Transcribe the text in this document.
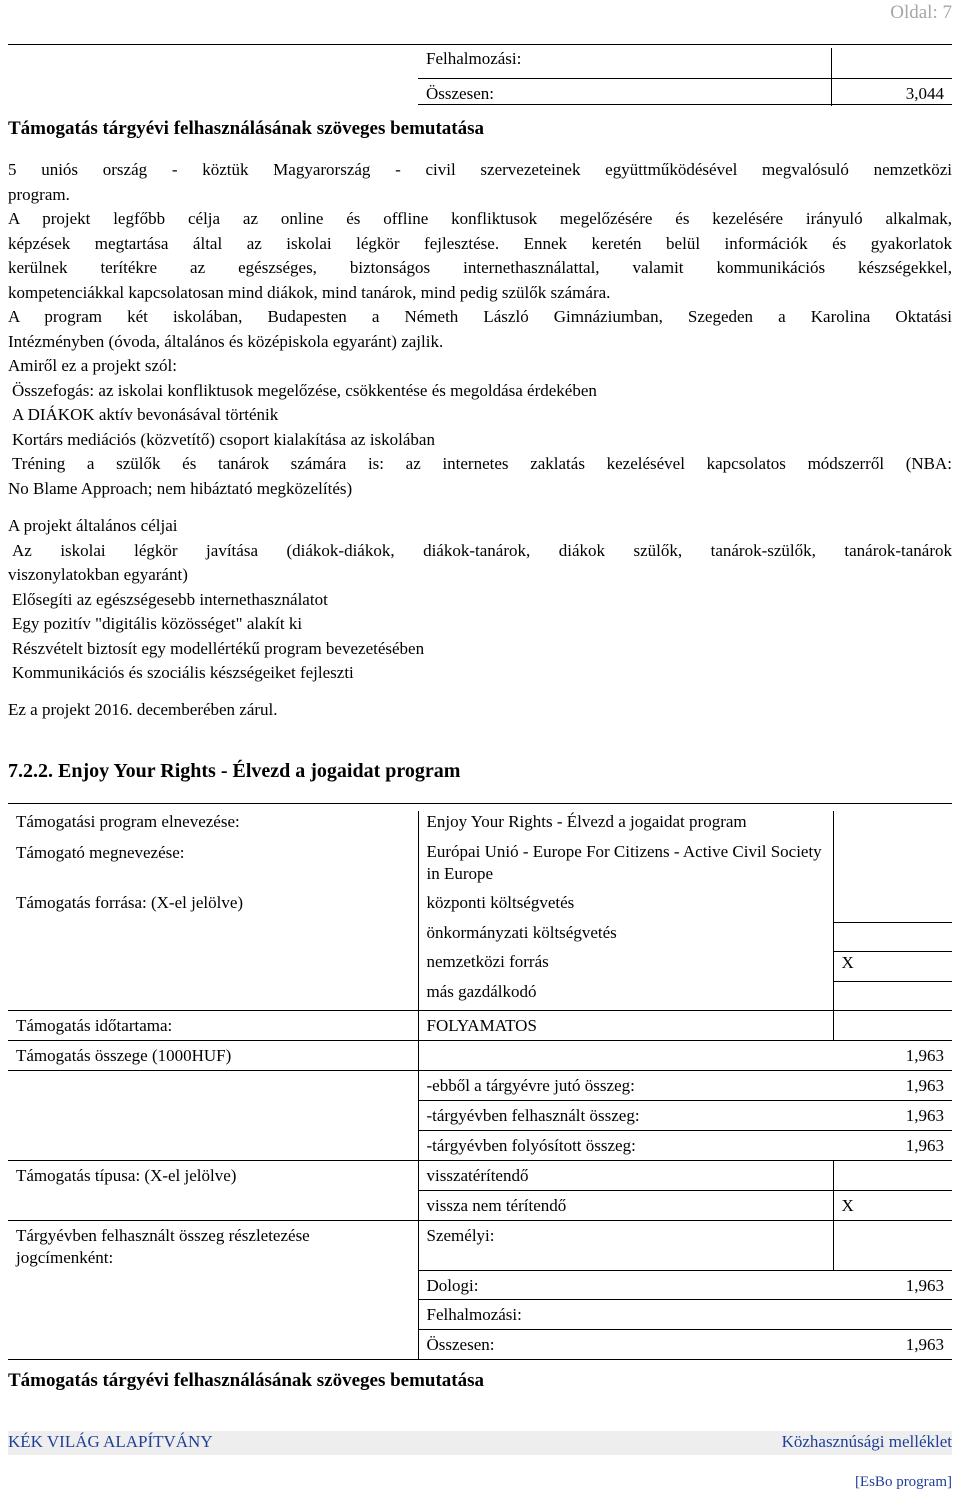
Oldal: 7
Felhalmozási:	
Összesen:	3,044
Támogatás tárgyévi felhasználásának szöveges bemutatása

5 uniós ország - köztük Magyarország - civil szervezeteinek együttműködésével megvalósuló nemzetközi

program.

A projekt legfőbb célja az online és offline konfliktusok megelőzésére és kezelésére irányuló alkalmak,

képzések megtartása által az iskolai légkör fejlesztése. Ennek keretén belül információk és gyakorlatok

kerülnek terítékre az egészséges, biztonságos internethasználattal, valamit kommunikációs készségekkel,

kompetenciákkal kapcsolatosan mind diákok, mind tanárok, mind pedig szülők számára.

A program két iskolában, Budapesten a Németh László Gimnáziumban, Szegeden a Karolina Oktatási

Intézményben (óvoda, általános és középiskola egyaránt) zajlik.

Amiről ez a projekt szól:

Összefogás: az iskolai konfliktusok megelőzése, csökkentése és megoldása érdekében

A DIÁKOK aktív bevonásával történik

Kortárs mediációs (közvetítő) csoport kialakítása az iskolában

Tréning a szülők és tanárok számára is: az internetes zaklatás kezelésével kapcsolatos módszerről (NBA:

No Blame Approach; nem hibáztató megközelítés)

A projekt általános céljai

Az iskolai légkör javítása (diákok-diákok, diákok-tanárok, diákok szülők, tanárok-szülők, tanárok-tanárok

viszonylatokban egyaránt)

Elősegíti az egészségesebb internethasználatot

Egy pozitív "digitális közösséget" alakít ki

Részvételt biztosít egy modellértékű program bevezetésében

Kommunikációs és szociális készségeiket fejleszti

Ez a projekt 2016. decemberében zárul.
7.2.2. Enjoy Your Rights - Élvezd a jogaidat program
Támogatási program elnevezése:	Enjoy Your Rights - Élvezd a jogaidat program	
Támogató megnevezése:	Európai Unió - Europe For Citizens - Active Civil Society in Europe	
Támogatás forrása: (X-el jelölve)	központi költségvetés	
	önkormányzati költségvetés	
	nemzetközi forrás	X
	más gazdálkodó	
Támogatás időtartama:	FOLYAMATOS	
Támogatás összege (1000HUF)	1,963	

	-ebből a tárgyévre jutó összeg: 1,963	

	-tárgyévben felhasznált összeg: 1,963	

	-tárgyévben folyósított összeg: 1,963	

Támogatás típusa: (X-el jelölve)	visszatérítendő	
	vissza nem térítendő	X
Tárgyévben felhasznált összeg részletezése jogcímenként:	Személyi:	

	Dologi: 1,963	

	Felhalmozási:	

	Összesen: 1,963	
Támogatás tárgyévi felhasználásának szöveges bemutatása
KÉK VILÁG ALAPÍTVÁNY	Közhasznúsági melléklet
[EsBo program]
